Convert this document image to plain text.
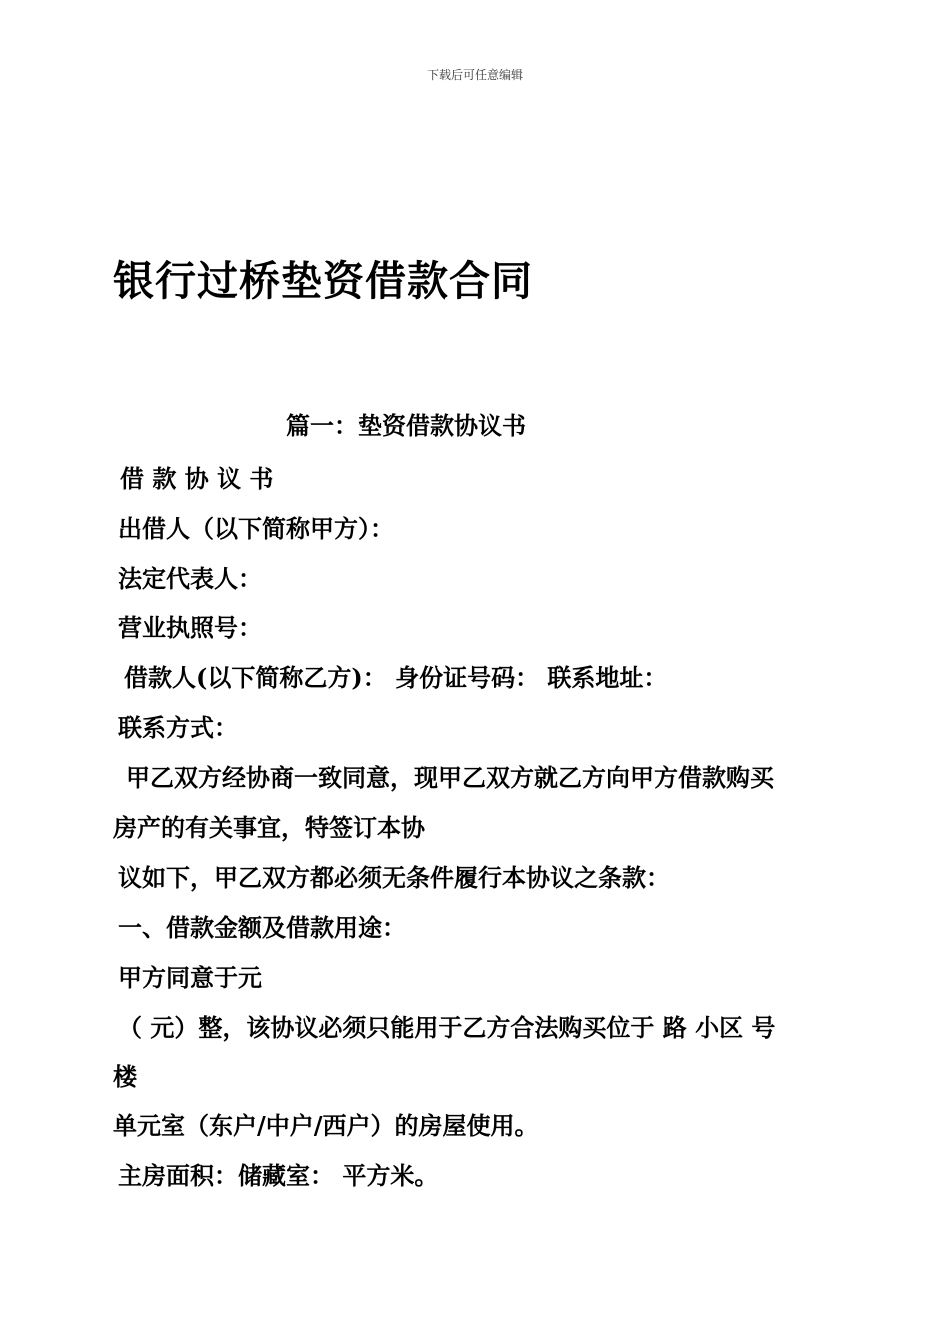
下载后可任意编辑
银行过桥垫资借款合同
篇一：垫资借款协议书
借 款 协 议 书
出借人（以下简称甲方）：
法定代表人：
营业执照号：
借款人(以下简称乙方)： 身份证号码： 联系地址：
联系方式：
甲乙双方经协商一致同意，现甲乙双方就乙方向甲方借款购买
房产的有关事宜，特签订本协
议如下，甲乙双方都必须无条件履行本协议之条款：
一、借款金额及借款用途：
甲方同意于元
（ 元）整，该协议必须只能用于乙方合法购买位于 路 小区 号
楼
单元室（东户/中户/西户）的房屋使用。
主房面积：储藏室： 平方米。
